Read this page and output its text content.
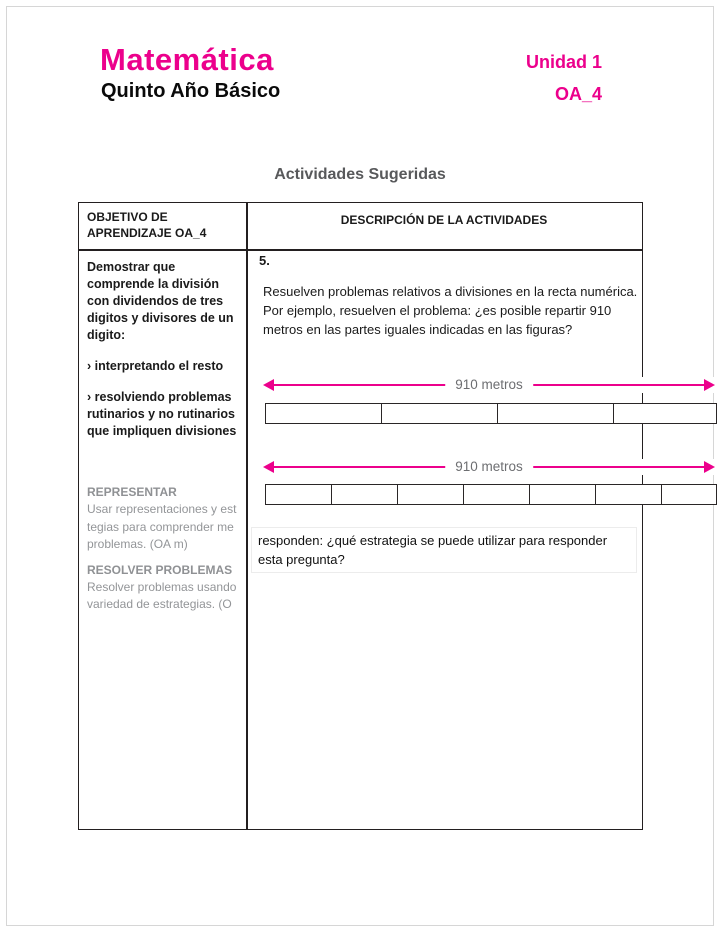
Matemática
Quinto Año Básico
Unidad 1
OA_4
Actividades Sugeridas
OBJETIVO DE APRENDIZAJE OA_4
DESCRIPCIÓN DE LA ACTIVIDADES

Demostrar que comprende la división con dividendos de tres digitos y divisores de un digito:

› interpretando el resto

› resolviendo problemas rutinarios y no rutinarios que impliquen divisiones

REPRESENTAR

Usar representaciones y est

tegias para comprender me

problemas. (OA m)

RESOLVER PROBLEMAS

Resolver problemas usando

variedad de estrategias. (O

5.
Resuelven problemas relativos a divisiones en la recta numérica. Por ejemplo, resuelven el problema: ¿es posible repartir 910 metros en las partes iguales indicadas en las figuras?
910 metros
910 metros
responden: ¿qué estrategia se puede utilizar para responder esta pregunta?
